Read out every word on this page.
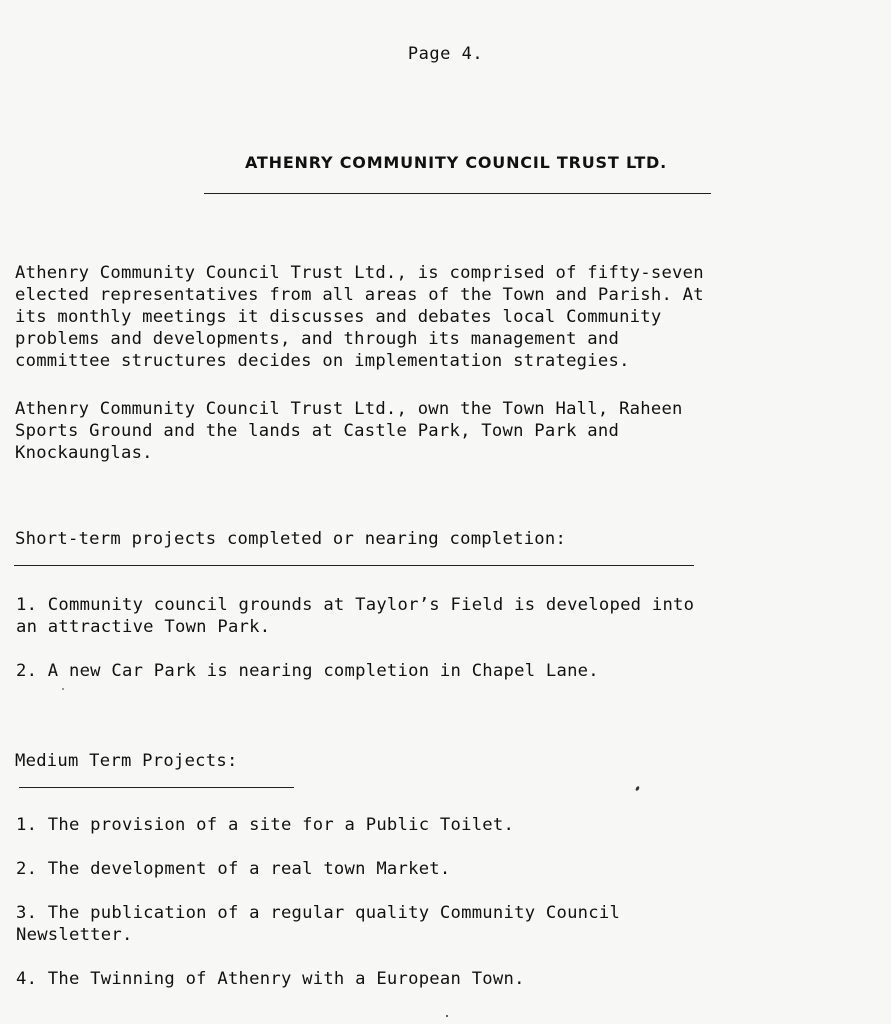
Page 4.
ATHENRY COMMUNITY COUNCIL TRUST LTD.
Athenry Community Council Trust Ltd., is comprised of fifty-seven
elected representatives from all areas of the Town and Parish. At
its monthly meetings it discusses and debates local Community
problems and developments, and through its management and
committee structures decides on implementation strategies.
Athenry Community Council Trust Ltd., own the Town Hall, Raheen
Sports Ground and the lands at Castle Park, Town Park and
Knockaunglas.
Short-term projects completed or nearing completion:
1. Community council grounds at Taylor’s Field is developed into
an attractive Town Park.
2. A new Car Park is nearing completion in Chapel Lane.
Medium Term Projects:
1. The provision of a site for a Public Toilet.
2. The development of a real town Market.
3. The publication of a regular quality Community Council
Newsletter.
4. The Twinning of Athenry with a European Town.
